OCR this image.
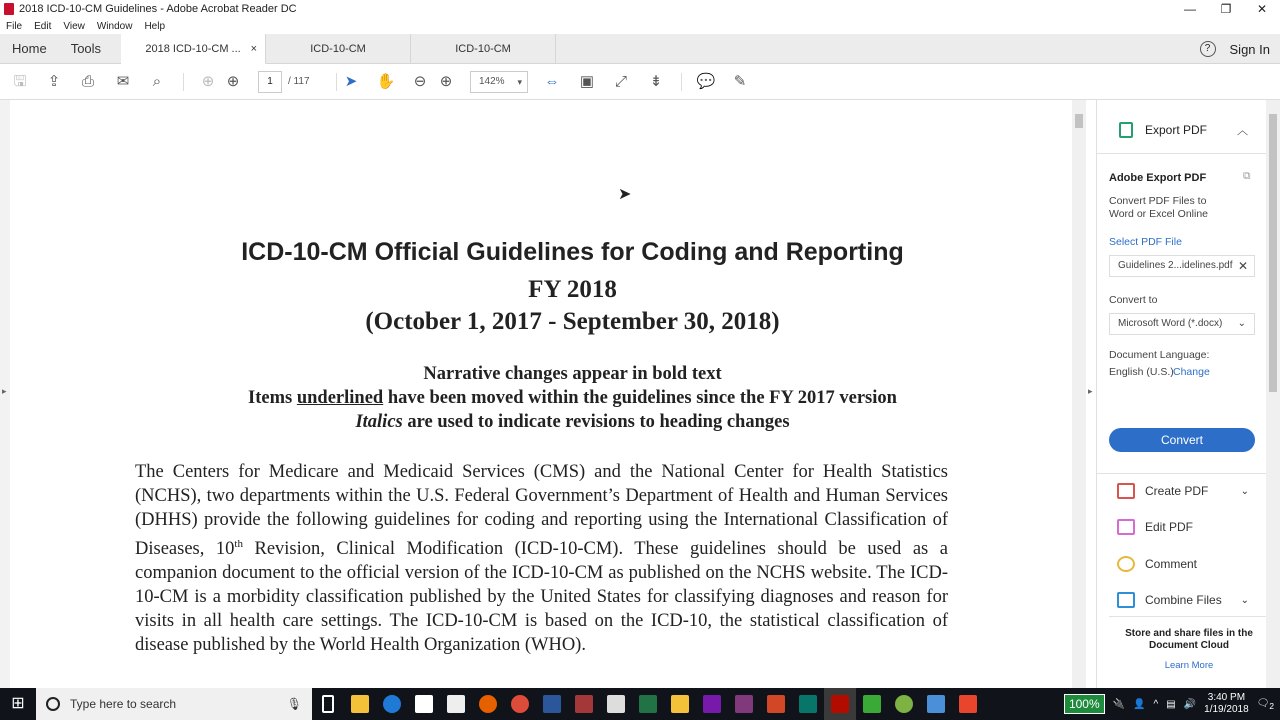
2018 ICD-10-CM Guidelines - Adobe Acrobat Reader DC	—	❐	✕
File Edit View Window Help
Home	Tools	2018 ICD-10-CM ... ×	ICD-10-CM	ICD-10-CM	?	Sign In
🖫 ⇪ ⎙ ✉	⌕	⊕ ⊕	➤ ✋ ⊖ ⊕	⇔ ▣ ⤢ ⇟ 💬 ✎
1	/ 117	142% ▾
ICD-10-CM Official Guidelines for Coding and Reporting
FY 2018
(October 1, 2017 - September 30, 2018)
Narrative changes appear in bold text
Items underlined have been moved within the guidelines since the FY 2017 version
Italics are used to indicate revisions to heading changes
The Centers for Medicare and Medicaid Services (CMS) and the National Center for Health Statistics (NCHS), two departments within the U.S. Federal Government’s Department of Health and Human Services (DHHS) provide the following guidelines for coding and reporting using the International Classification of Diseases, 10th Revision, Clinical Modification (ICD-10-CM). These guidelines should be used as a companion document to the official version of the ICD-10-CM as published on the NCHS website. The ICD-10-CM is a morbidity classification published by the United States for classifying diagnoses and reason for visits in all health care settings. The ICD-10-CM is based on the ICD-10, the statistical classification of disease published by the World Health Organization (WHO).
➤
▸	▸
Export PDF	︿
Adobe Export PDF	⧉
Convert PDF Files to Word or Excel Online
Select PDF File
Guidelines 2...idelines.pdf ✕
Convert to
Microsoft Word (*.docx) ⌄
Document Language:
English (U.S.) Change
Convert
Create PDF	⌄
Edit PDF
Comment
Combine Files ⌄
Store and share files in the Document Cloud
Learn More
⊞	Type here to search	🎙	100%	🔌 👤 ^ ▤ 🔊
3:40 PM
1/19/2018
$🗨_2$
